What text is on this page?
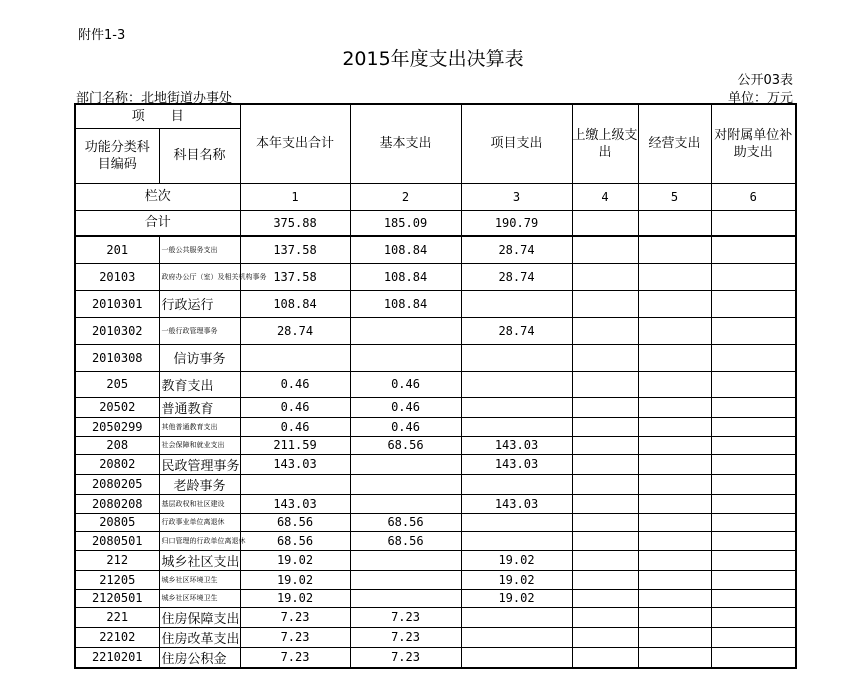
附件1-3
2015年度支出决算表
公开03表
部门名称：北地街道办事处	单位：万元
项　　目		本年支出合计	基本支出	项目支出	上缴上级支出	经营支出	对附属单位补助支出
功能分类科目编码	科目名称						
栏次		1	2	3	4	5	6
合计		375.88	185.09	190.79			
201	一般公共服务支出	137.58	108.84	28.74			
20103	政府办公厅（室）及相关机构事务	137.58	108.84	28.74			
2010301	行政运行	108.84	108.84				
2010302	一般行政管理事务	28.74		28.74			
2010308	信访事务						
205	教育支出	0.46	0.46				
20502	普通教育	0.46	0.46				
2050299	其他普通教育支出	0.46	0.46				
208	社会保障和就业支出	211.59	68.56	143.03			
20802	民政管理事务	143.03		143.03			
2080205	老龄事务						
2080208	基层政权和社区建设	143.03		143.03			
20805	行政事业单位离退休	68.56	68.56				
2080501	归口管理的行政单位离退休	68.56	68.56				
212	城乡社区支出	19.02		19.02			
21205	城乡社区环境卫生	19.02		19.02			
2120501	城乡社区环境卫生	19.02		19.02			
221	住房保障支出	7.23	7.23				
22102	住房改革支出	7.23	7.23				
2210201	住房公积金	7.23	7.23				
